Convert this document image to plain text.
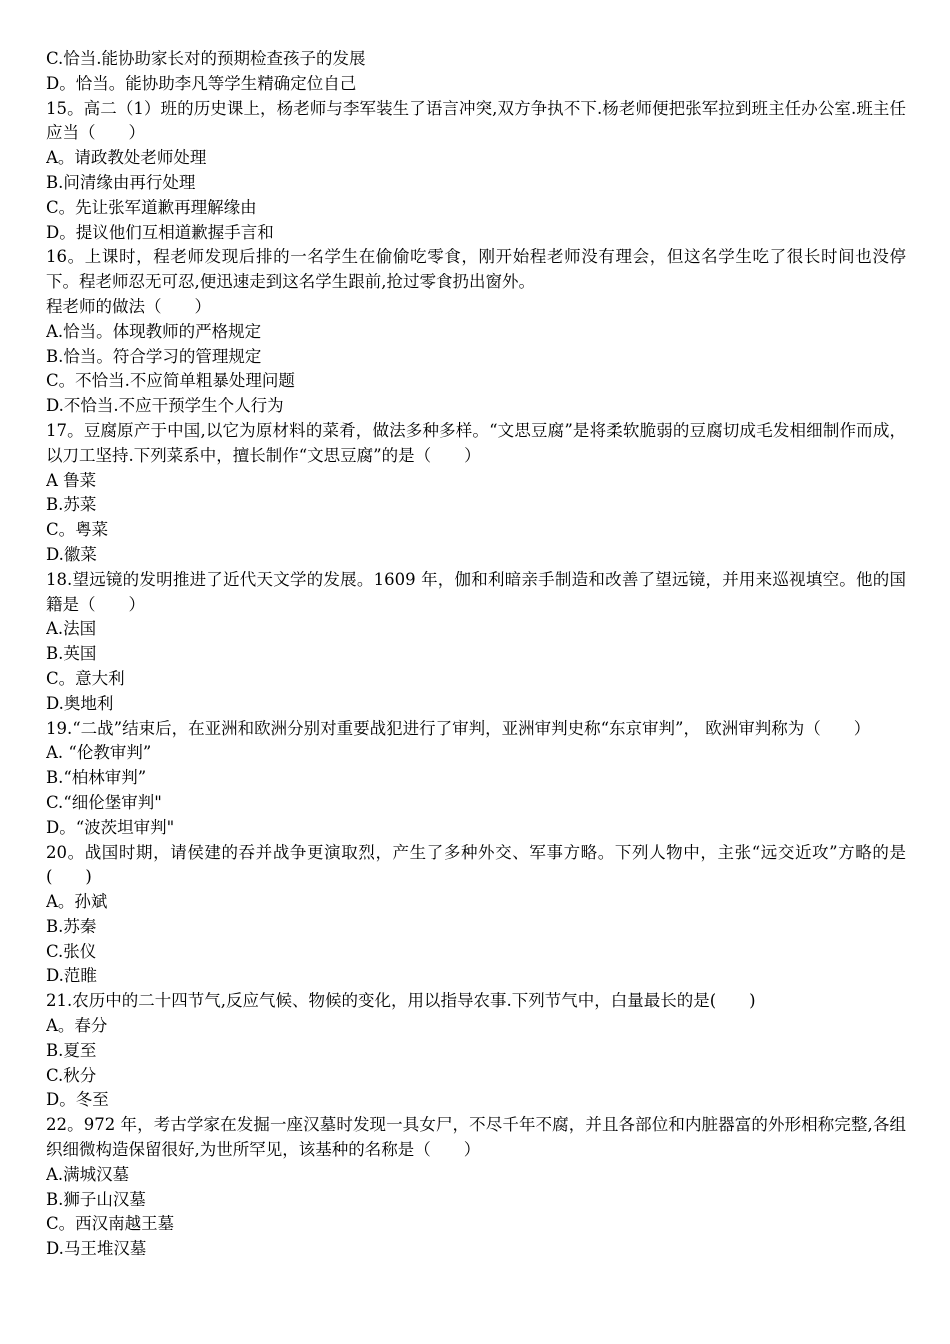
C.恰当.能协助家长对的预期检查孩子的发展
D。恰当。能协助李凡等学生精确定位自己
15。高二（1）班的历史课上，杨老师与李军装生了语言冲突,双方争执不下.杨老师便把张军拉到班主任办公室.班主任应当（　　）
A。请政教处老师处理
B.问清缘由再行处理
C。先让张军道歉再理解缘由
D。提议他们互相道歉握手言和
16。上课时，程老师发现后排的一名学生在偷偷吃零食，刚开始程老师没有理会，但这名学生吃了很长时间也没停下。程老师忍无可忍,便迅速走到这名学生跟前,抢过零食扔出窗外。
程老师的做法（　　）
A.恰当。体现教师的严格规定
B.恰当。符合学习的管理规定
C。不恰当.不应简单粗暴处理问题
D.不恰当.不应干预学生个人行为
17。豆腐原产于中国,以它为原材料的菜肴，做法多种多样。“文思豆腐”是将柔软脆弱的豆腐切成毛发相细制作而成，以刀工坚持.下列菜系中，擅长制作“文思豆腐”的是（　　）
A 鲁菜
B.苏菜
C。粤菜
D.徽菜
18.望远镜的发明推进了近代天文学的发展。1609 年，伽和利暗亲手制造和改善了望远镜，并用来巡视填空。他的国籍是（　　）
A.法国
B.英国
C。意大利
D.奥地利
19.“二战”结束后，在亚洲和欧洲分别对重要战犯进行了审判，亚洲审判史称“东京审判”， 欧洲审判称为（　　）
A. “伦教审判”
B.“柏林审判”
C.“细伦堡审判"
D。“波茨坦审判"
20。战国时期，请侯建的吞并战争更演取烈，产生了多种外交、军事方略。下列人物中，主张“远交近攻”方略的是(　　)
A。孙斌
B.苏秦
C.张仪
D.范睢
21.农历中的二十四节气,反应气候、物候的变化，用以指导农事.下列节气中，白量最长的是(　　)
A。春分
B.夏至
C.秋分
D。冬至
22。972 年，考古学家在发掘一座汉墓时发现一具女尸，不尽千年不腐，并且各部位和内脏器富的外形相称完整,各组织细微构造保留很好,为世所罕见，该基种的名称是（　　）
A.满城汉墓
B.狮子山汉墓
C。西汉南越王墓
D.马王堆汉墓
